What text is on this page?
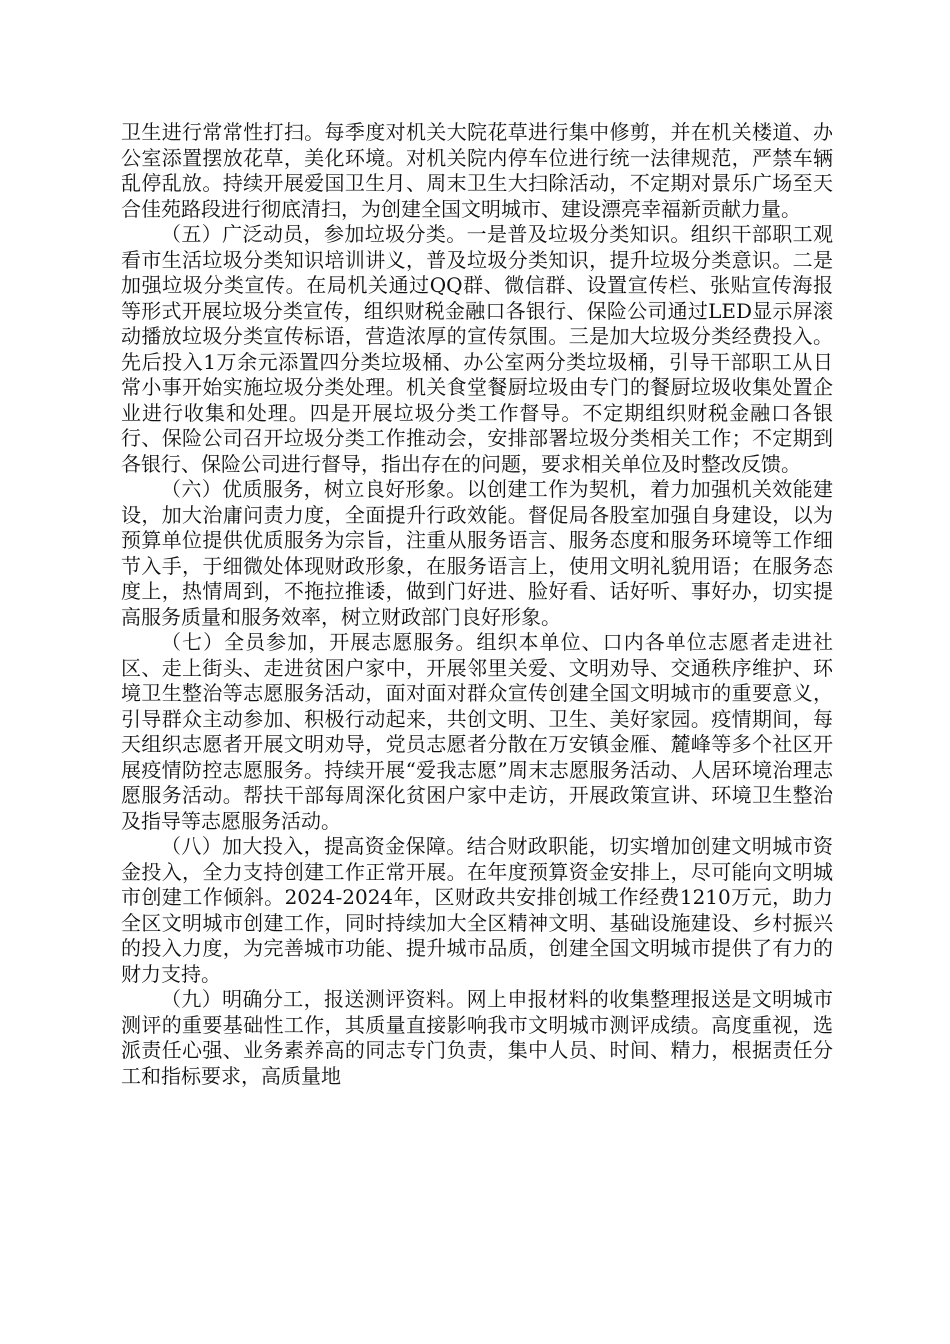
卫生进行常常性打扫。每季度对机关大院花草进行集中修剪，并在机关楼道、办公室添置摆放花草，美化环境。对机关院内停车位进行统一法律规范，严禁车辆乱停乱放。持续开展爱国卫生月、周末卫生大扫除活动，不定期对景乐广场至天合佳苑路段进行彻底清扫，为创建全国文明城市、建设漂亮幸福新贡献力量。

（五）广泛动员，参加垃圾分类。一是普及垃圾分类知识。组织干部职工观看市生活垃圾分类知识培训讲义，普及垃圾分类知识，提升垃圾分类意识。二是加强垃圾分类宣传。在局机关通过QQ群、微信群、设置宣传栏、张贴宣传海报等形式开展垃圾分类宣传，组织财税金融口各银行、保险公司通过LED显示屏滚动播放垃圾分类宣传标语，营造浓厚的宣传氛围。三是加大垃圾分类经费投入。先后投入1万余元添置四分类垃圾桶、办公室两分类垃圾桶，引导干部职工从日常小事开始实施垃圾分类处理。机关食堂餐厨垃圾由专门的餐厨垃圾收集处置企业进行收集和处理。四是开展垃圾分类工作督导。不定期组织财税金融口各银行、保险公司召开垃圾分类工作推动会，安排部署垃圾分类相关工作；不定期到各银行、保险公司进行督导，指出存在的问题，要求相关单位及时整改反馈。

（六）优质服务，树立良好形象。以创建工作为契机，着力加强机关效能建设，加大治庸问责力度，全面提升行政效能。督促局各股室加强自身建设，以为预算单位提供优质服务为宗旨，注重从服务语言、服务态度和服务环境等工作细节入手，于细微处体现财政形象，在服务语言上，使用文明礼貌用语；在服务态度上，热情周到，不拖拉推诿，做到门好进、脸好看、话好听、事好办，切实提高服务质量和服务效率，树立财政部门良好形象。

（七）全员参加，开展志愿服务。组织本单位、口内各单位志愿者走进社区、走上街头、走进贫困户家中，开展邻里关爱、文明劝导、交通秩序维护、环境卫生整治等志愿服务活动，面对面对群众宣传创建全国文明城市的重要意义，引导群众主动参加、积极行动起来，共创文明、卫生、美好家园。疫情期间，每天组织志愿者开展文明劝导，党员志愿者分散在万安镇金雁、麓峰等多个社区开展疫情防控志愿服务。持续开展“爱我志愿”周末志愿服务活动、人居环境治理志愿服务活动。帮扶干部每周深化贫困户家中走访，开展政策宣讲、环境卫生整治及指导等志愿服务活动。

（八）加大投入，提高资金保障。结合财政职能，切实增加创建文明城市资金投入，全力支持创建工作正常开展。在年度预算资金安排上，尽可能向文明城市创建工作倾斜。2024-2024年，区财政共安排创城工作经费1210万元，助力全区文明城市创建工作，同时持续加大全区精神文明、基础设施建设、乡村振兴的投入力度，为完善城市功能、提升城市品质，创建全国文明城市提供了有力的财力支持。

（九）明确分工，报送测评资料。网上申报材料的收集整理报送是文明城市测评的重要基础性工作，其质量直接影响我市文明城市测评成绩。高度重视，选派责任心强、业务素养高的同志专门负责，集中人员、时间、精力，根据责任分工和指标要求，高质量地
